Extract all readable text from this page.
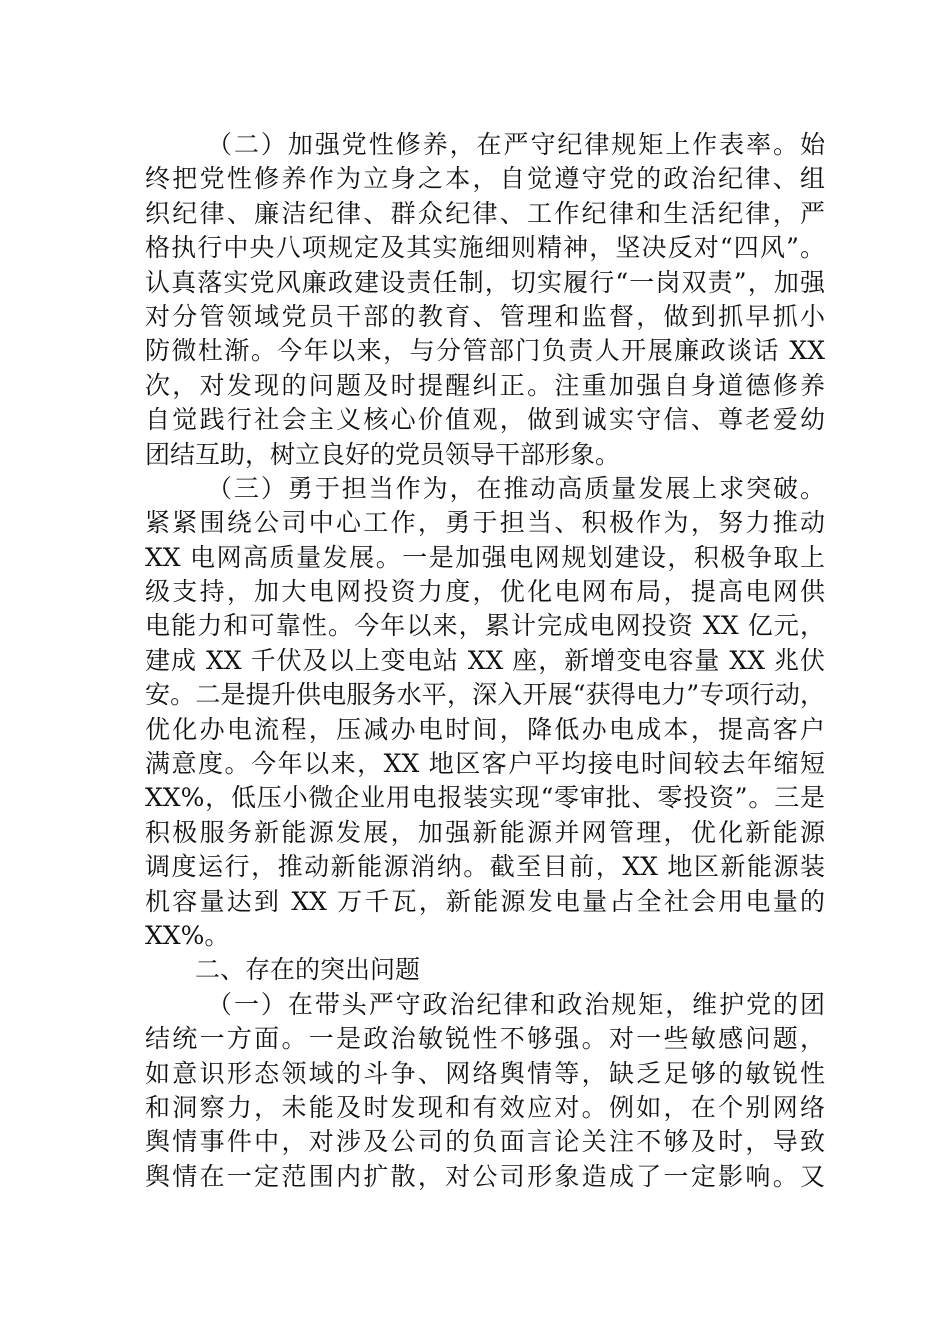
（二）加强党性修养，在严守纪律规矩上作表率。始
终把党性修养作为立身之本，自觉遵守党的政治纪律、组
织纪律、廉洁纪律、群众纪律、工作纪律和生活纪律，严
格执行中央八项规定及其实施细则精神，坚决反对“四风”。
认真落实党风廉政建设责任制，切实履行“一岗双责”，加强
对分管领域党员干部的教育、管理和监督，做到抓早抓小
防微杜渐。今年以来，与分管部门负责人开展廉政谈话 XX
次，对发现的问题及时提醒纠正。注重加强自身道德修养
自觉践行社会主义核心价值观，做到诚实守信、尊老爱幼
团结互助，树立良好的党员领导干部形象。
（三）勇于担当作为，在推动高质量发展上求突破。
紧紧围绕公司中心工作，勇于担当、积极作为，努力推动
XX 电网高质量发展。一是加强电网规划建设，积极争取上
级支持，加大电网投资力度，优化电网布局，提高电网供
电能力和可靠性。今年以来，累计完成电网投资 XX 亿元，
建成 XX 千伏及以上变电站 XX 座，新增变电容量 XX 兆伏
安。二是提升供电服务水平，深入开展“获得电力”专项行动，
优化办电流程，压减办电时间，降低办电成本，提高客户
满意度。今年以来，XX 地区客户平均接电时间较去年缩短
XX%，低压小微企业用电报装实现“零审批、零投资”。三是
积极服务新能源发展，加强新能源并网管理，优化新能源
调度运行，推动新能源消纳。截至目前，XX 地区新能源装
机容量达到 XX 万千瓦，新能源发电量占全社会用电量的
XX%。
二、存在的突出问题
（一）在带头严守政治纪律和政治规矩，维护党的团
结统一方面。一是政治敏锐性不够强。对一些敏感问题，
如意识形态领域的斗争、网络舆情等，缺乏足够的敏锐性
和洞察力，未能及时发现和有效应对。例如，在个别网络
舆情事件中，对涉及公司的负面言论关注不够及时，导致
舆情在一定范围内扩散，对公司形象造成了一定影响。又
